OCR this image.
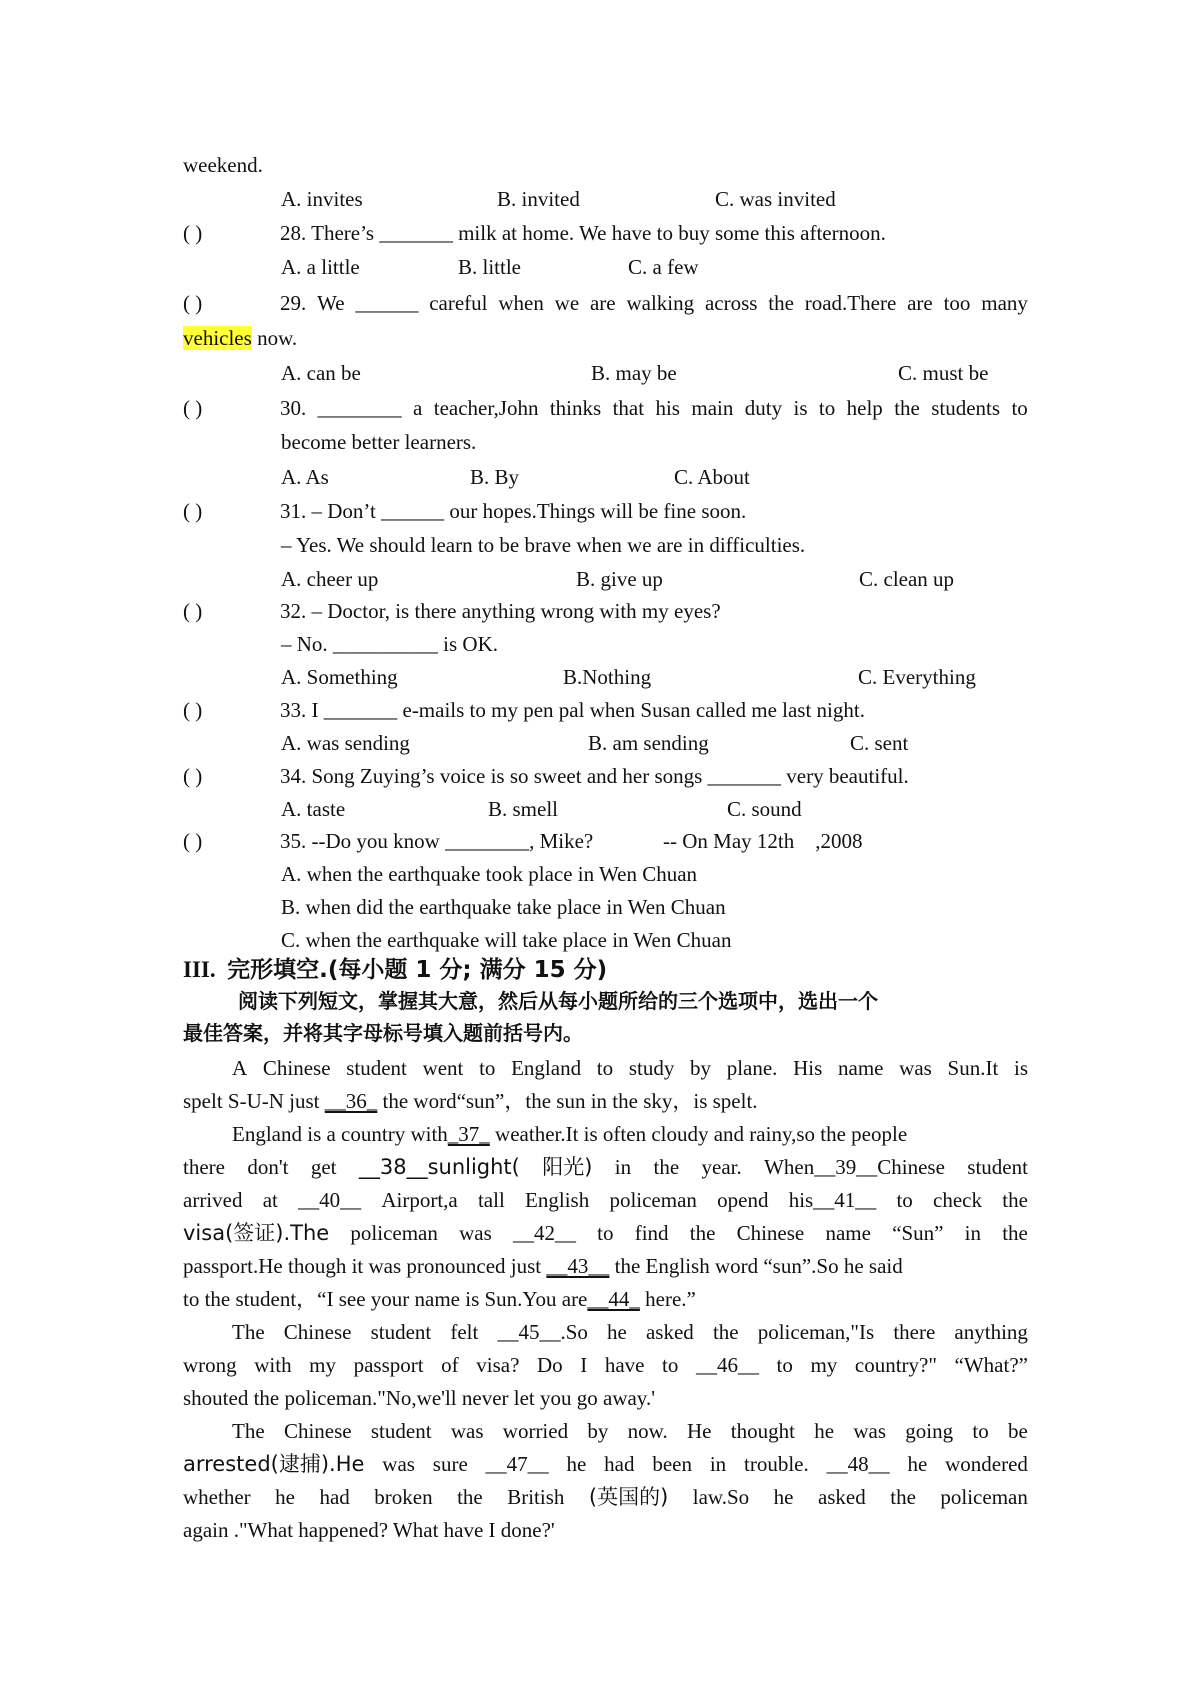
weekend.
A. invites	B. invited	C. was invited
( )	28. There’s _______ milk at home. We have to buy some this afternoon.
A. a little	B. little	C. a few
( )	29. We ______ careful when we are walking across the road.There are too many
vehicles now.
A. can be	B. may be	C. must be
( )	30. ________ a teacher,John thinks that his main duty is to help the students to
become better learners.
A. As	B. By	C. About
( )	31. – Don’t ______ our hopes.Things will be fine soon.
– Yes. We should learn to be brave when we are in difficulties.
A. cheer up	B. give up	C. clean up
( )	32. – Doctor, is there anything wrong with my eyes?
– No. __________ is OK.
A. Something	B.Nothing	C. Everything
( )	33. I _______ e-mails to my pen pal when Susan called me last night.
A. was sending	B. am sending	C. sent
( )	34. Song Zuying’s voice is so sweet and her songs _______ very beautiful.
A. taste	B. smell	C. sound
( )	35. --Do you know ________, Mike?	-- On May 12th    ,2008
A. when the earthquake took place in Wen Chuan
B. when did the earthquake take place in Wen Chuan
C. when the earthquake will take place in Wen Chuan
III. 完形填空.(每小题 1 分; 满分 15 分)
阅读下列短文，掌握其大意，然后从每小题所给的三个选项中，选出一个
最佳答案，并将其字母标号填入题前括号内。
A Chinese student went to England to study by plane. His name was Sun.It is
spelt S-U-N just __36_ the word“sun”，the sun in the sky，is spelt.
England is a country with_37_ weather.It is often cloudy and rainy,so the people
there don't get __38__sunlight( 阳光) in the year. When__39__Chinese student
arrived at __40__ Airport,a tall English policeman opend his__41__ to check the
visa(签证).The policeman was __42__ to find the Chinese name “Sun” in the
passport.He though it was pronounced just __43__ the English word “sun”.So he said
to the student，“I see your name is Sun.You are__44_ here.”
The Chinese student felt __45__.So he asked the policeman,"Is there anything
wrong with my passport of visa? Do I have to __46__ to my country?" “What?”
shouted the policeman."No,we'll never let you go away.'
The Chinese student was worried by now. He thought he was going to be
arrested(逮捕).He was sure __47__ he had been in trouble. __48__ he wondered
whether he had broken the British (英国的) law.So he asked the policeman
again ."What happened? What have I done?'
